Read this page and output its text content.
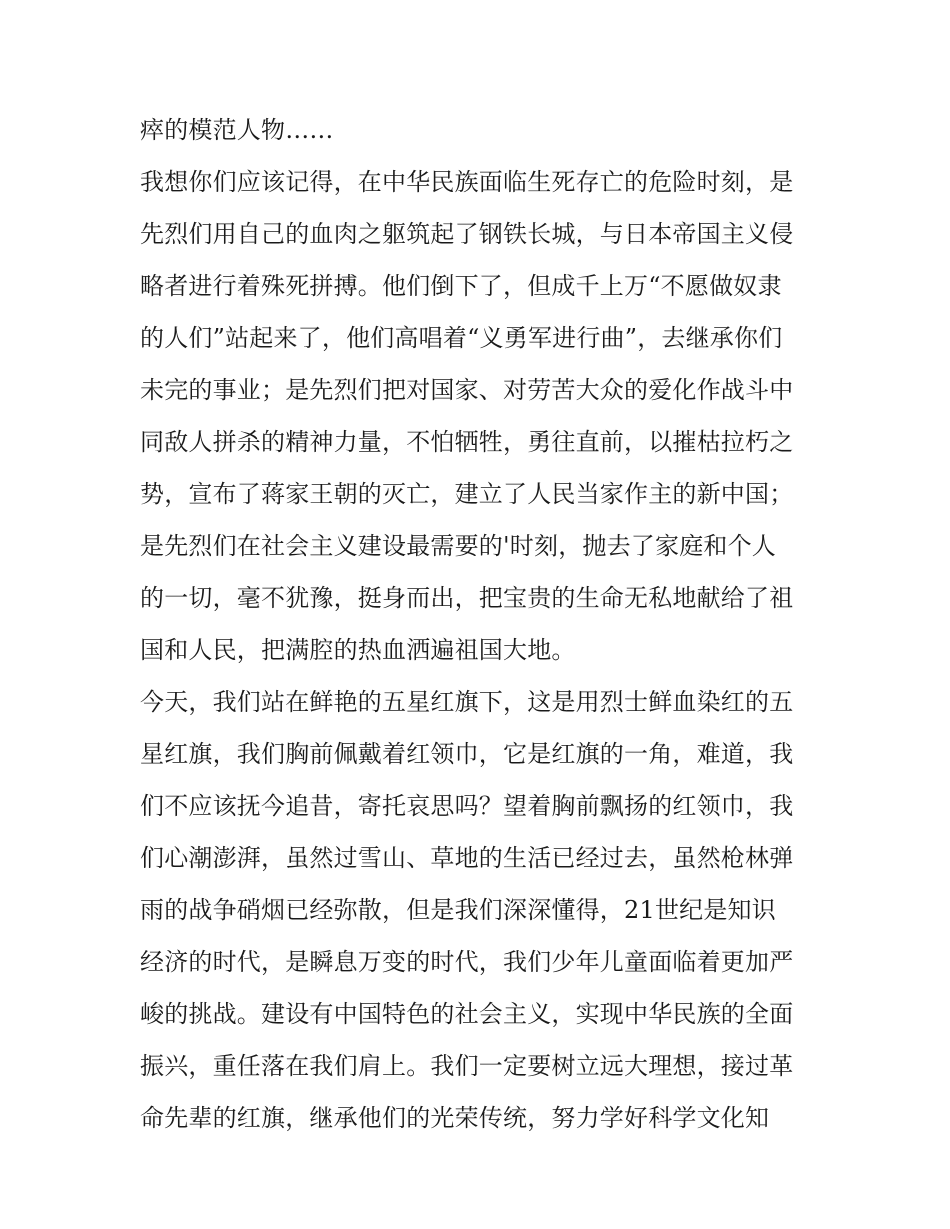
瘁的模范人物……
我想你们应该记得，在中华民族面临生死存亡的危险时刻，是
先烈们用自己的血肉之躯筑起了钢铁长城，与日本帝国主义侵
略者进行着殊死拼搏。他们倒下了，但成千上万“不愿做奴隶
的人们”站起来了，他们高唱着“义勇军进行曲”，去继承你们
未完的事业；是先烈们把对国家、对劳苦大众的爱化作战斗中
同敌人拼杀的精神力量，不怕牺牲，勇往直前，以摧枯拉朽之
势，宣布了蒋家王朝的灭亡，建立了人民当家作主的新中国；
是先烈们在社会主义建设最需要的'时刻，抛去了家庭和个人
的一切，毫不犹豫，挺身而出，把宝贵的生命无私地献给了祖
国和人民，把满腔的热血洒遍祖国大地。
今天，我们站在鲜艳的五星红旗下，这是用烈士鲜血染红的五
星红旗，我们胸前佩戴着红领巾，它是红旗的一角，难道，我
们不应该抚今追昔，寄托哀思吗？望着胸前飘扬的红领巾，我
们心潮澎湃，虽然过雪山、草地的生活已经过去，虽然枪林弹
雨的战争硝烟已经弥散，但是我们深深懂得，21世纪是知识
经济的时代，是瞬息万变的时代，我们少年儿童面临着更加严
峻的挑战。建设有中国特色的社会主义，实现中华民族的全面
振兴，重任落在我们肩上。我们一定要树立远大理想，接过革
命先辈的红旗，继承他们的光荣传统，努力学好科学文化知
